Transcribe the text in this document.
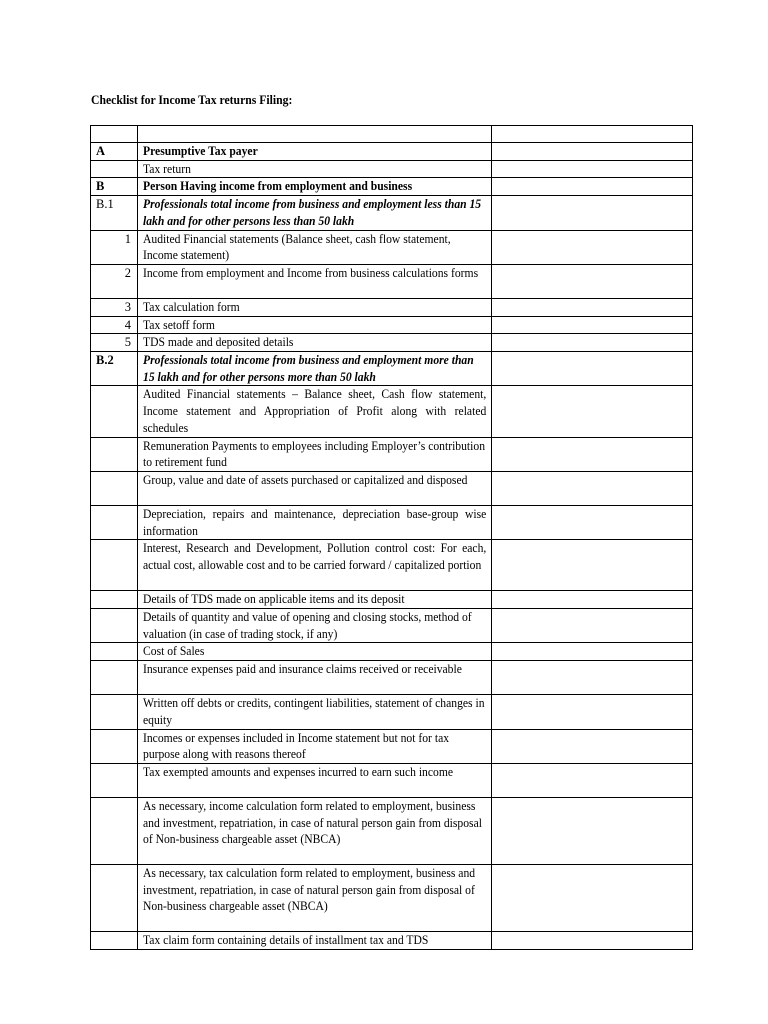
Checklist for Income Tax returns Filing:

A	Presumptive Tax payer	

	Tax return	

B	Person Having income from employment and business	

B.1	Professionals total income from business and employment less than 15 lakh and for other persons less than 50 lakh	

1	Audited Financial statements (Balance sheet, cash flow statement, Income statement)	

2	Income from employment and Income from business calculations forms	

3	Tax calculation form	

4	Tax setoff form	

5	TDS made and deposited details	

B.2	Professionals total income from business and employment more than 15 lakh and for other persons more than 50 lakh	

	Audited Financial statements – Balance sheet, Cash flow statement, Income statement and Appropriation of Profit along with related schedules	

	Remuneration Payments to employees including Employer’s contribution to retirement fund	

	Group, value and date of assets purchased or capitalized and disposed	

	Depreciation, repairs and maintenance, depreciation base-group wise information	

	Interest, Research and Development, Pollution control cost: For each, actual cost, allowable cost and to be carried forward / capitalized portion	

	Details of TDS made on applicable items and its deposit	

	Details of quantity and value of opening and closing stocks, method of valuation (in case of trading stock, if any)	

	Cost of Sales	

	Insurance expenses paid and insurance claims received or receivable	

	Written off debts or credits, contingent liabilities, statement of changes in equity	

	Incomes or expenses included in Income statement but not for tax purpose along with reasons thereof	

	Tax exempted amounts and expenses incurred to earn such income	

	As necessary, income calculation form related to employment, business and investment, repatriation, in case of natural person gain from disposal of Non-business chargeable asset (NBCA)	

	As necessary, tax calculation form related to employment, business and investment, repatriation, in case of natural person gain from disposal of Non-business chargeable asset (NBCA)	

	Tax claim form containing details of installment tax and TDS	
